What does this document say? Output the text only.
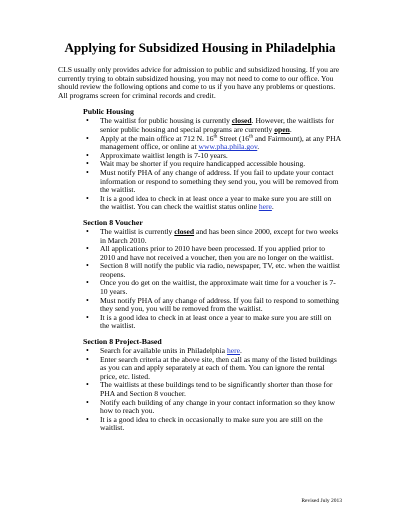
Applying for Subsidized Housing in Philadelphia

CLS usually only provides advice for admission to public and subsidized housing. If you are currently trying to obtain subsidized housing, you may not need to come to our office. You should review the following options and come to us if you have any problems or questions. All programs screen for criminal records and credit.

Public Housing
• The waitlist for public housing is currently closed. However, the waitlists for senior public housing and special programs are currently open.
• Apply at the main office at 712 N. 16th Street (16th and Fairmount), at any PHA management office, or online at www.pha.phila.gov.
• Approximate waitlist length is 7-10 years.
• Wait may be shorter if you require handicapped accessible housing.
• Must notify PHA of any change of address. If you fail to update your contact information or respond to something they send you, you will be removed from the waitlist.
• It is a good idea to check in at least once a year to make sure you are still on the waitlist. You can check the waitlist status online here.
Section 8 Voucher
• The waitlist is currently closed and has been since 2000, except for two weeks in March 2010.
• All applications prior to 2010 have been processed. If you applied prior to 2010 and have not received a voucher, then you are no longer on the waitlist.
• Section 8 will notify the public via radio, newspaper, TV, etc. when the waitlist reopens.
• Once you do get on the waitlist, the approximate wait time for a voucher is 7-10 years.
• Must notify PHA of any change of address. If you fail to respond to something they send you, you will be removed from the waitlist.
• It is a good idea to check in at least once a year to make sure you are still on the waitlist.
Section 8 Project-Based
• Search for available units in Philadelphia here.
• Enter search criteria at the above site, then call as many of the listed buildings as you can and apply separately at each of them. You can ignore the rental price, etc. listed.
• The waitlists at these buildings tend to be significantly shorter than those for PHA and Section 8 voucher.
• Notify each building of any change in your contact information so they know how to reach you.
• It is a good idea to check in occasionally to make sure you are still on the waitlist.
Revised July 2013
